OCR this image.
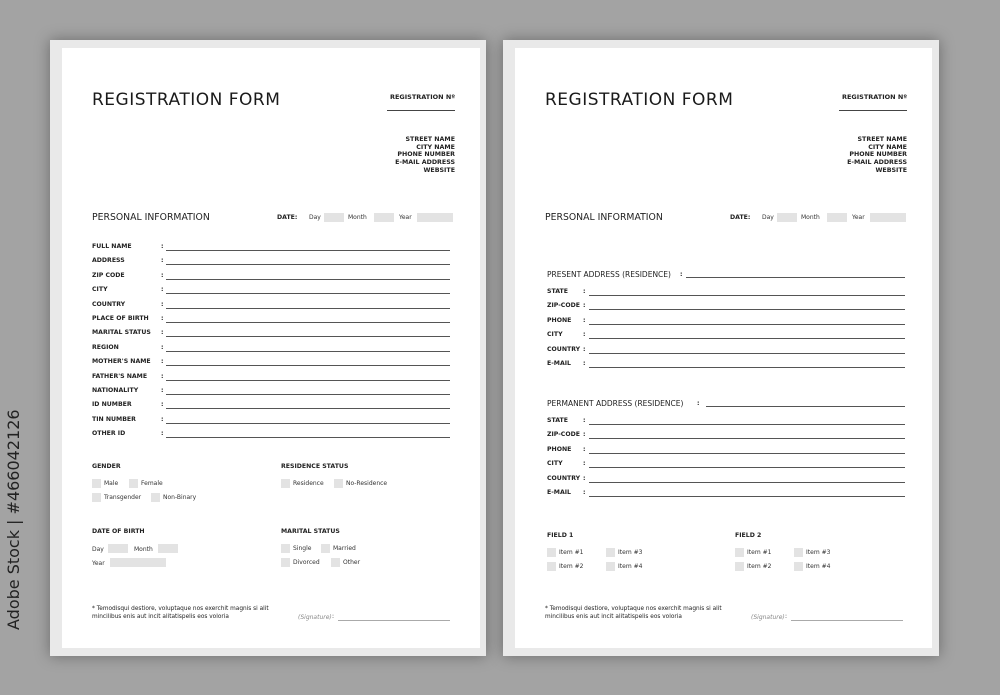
Adobe Stock | #466042126
REGISTRATION FORM	REGISTRATION Nº
STREET NAME
CITY NAME
PHONE NUMBER
E-MAIL ADDRESS
WEBSITE
PERSONAL INFORMATION	DATE: Day	Month	Year
FULL NAME	:
ADDRESS	:
ZIP CODE	:
CITY	:
COUNTRY	:
PLACE OF BIRTH :
MARITAL STATUS :
REGION	:
MOTHER'S NAME :
FATHER'S NAME :
NATIONALITY	:
ID NUMBER	:
TIN NUMBER	:
OTHER ID	:
GENDER
Male	Female
Transgender	Non-Binary
RESIDENCE STATUS
Residence	No-Residence
DATE OF BIRTH
Day	Month
Year
MARITAL STATUS
Single	Married
Divorced	Other
* Temodisqui destiore, voluptaque nos exerchit magnis si alit
mincilibus enis aut incit alitatispelis eos voloria	(Signature) :
REGISTRATION FORM	REGISTRATION Nº
STREET NAME
CITY NAME
PHONE NUMBER
E-MAIL ADDRESS
WEBSITE
PERSONAL INFORMATION	DATE: Day	Month	Year
PRESENT ADDRESS (RESIDENCE) :
STATE :
ZIP-CODE :
PHONE :
CITY	:
COUNTRY :
E-MAIL :
PERMANENT ADDRESS (RESIDENCE) :
STATE :
ZIP-CODE :
PHONE :
CITY	:
COUNTRY :
E-MAIL :
FIELD 1
Item #1	Item #3
Item #2	Item #4
FIELD 2
Item #1	Item #3
Item #2	Item #4
* Temodisqui destiore, voluptaque nos exerchit magnis si alit
mincilibus enis aut incit alitatispelis eos voloria	(Signature) :
